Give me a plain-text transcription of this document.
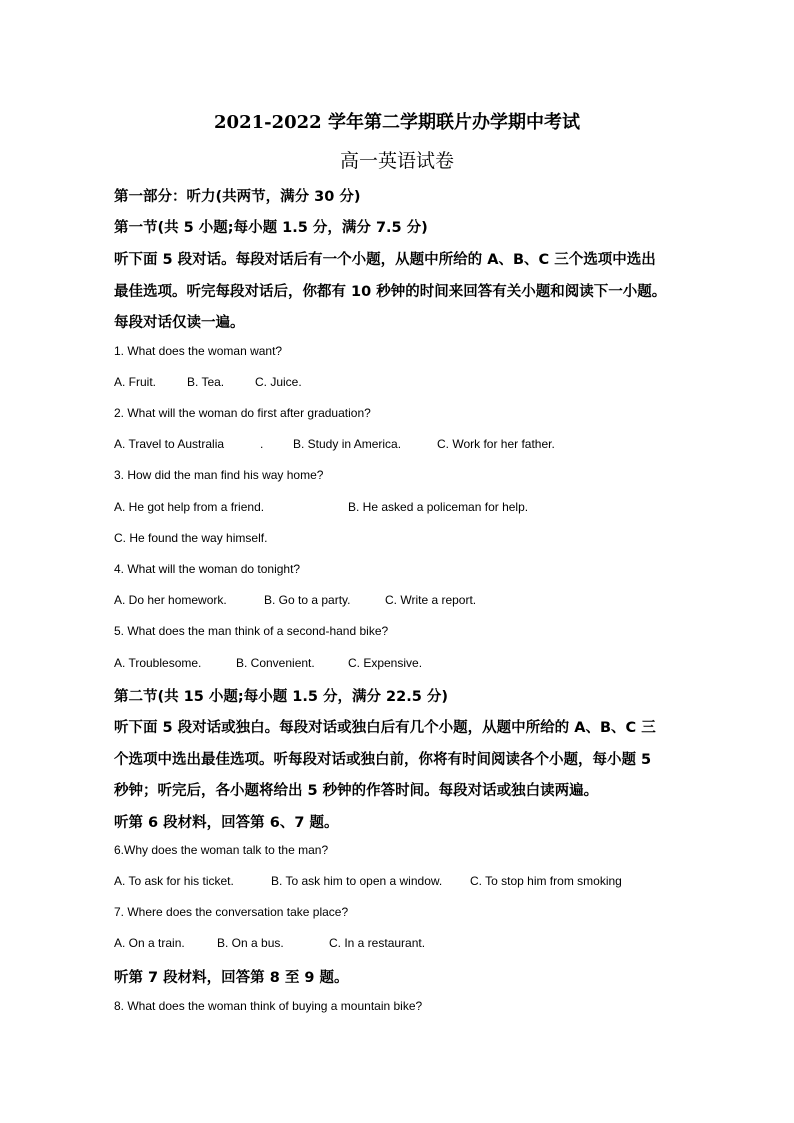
2021-2022 学年第二学期联片办学期中考试
高一英语试卷
第一部分：听力(共两节，满分 30 分)
第一节(共 5 小题;每小题 1.5 分，满分 7.5 分)
听下面 5 段对话。每段对话后有一个小题，从题中所给的 A、B、C 三个选项中选出
最佳选项。听完每段对话后，你都有 10 秒钟的时间来回答有关小题和阅读下一小题。
每段对话仅读一遍。
1. What does the woman want?
A. Fruit.	B. Tea.	C. Juice.
2. What will the woman do first after graduation?
A. Travel to Australia	. B. Study in America.	C. Work for her father.
3. How did the man find his way home?
A. He got help from a friend.	B. He asked a policeman for help.
C. He found the way himself.
4. What will the woman do tonight?
A. Do her homework.	B. Go to a party.	C. Write a report.
5. What does the man think of a second-hand bike?
A. Troublesome.	B. Convenient.	C. Expensive.
第二节(共 15 小题;每小题 1.5 分，满分 22.5 分)
听下面 5 段对话或独白。每段对话或独白后有几个小题，从题中所给的 A、B、C 三
个选项中选出最佳选项。听每段对话或独白前，你将有时间阅读各个小题，每小题 5
秒钟；听完后，各小题将给出 5 秒钟的作答时间。每段对话或独白读两遍。
听第 6 段材料，回答第 6、7 题。
6.Why does the woman talk to the man?
A. To ask for his ticket.	B. To ask him to open a window. C. To stop him from smoking
7. Where does the conversation take place?
A. On a train.	B. On a bus.	C. In a restaurant.
听第 7 段材料，回答第 8 至 9 题。
8. What does the woman think of buying a mountain bike?
